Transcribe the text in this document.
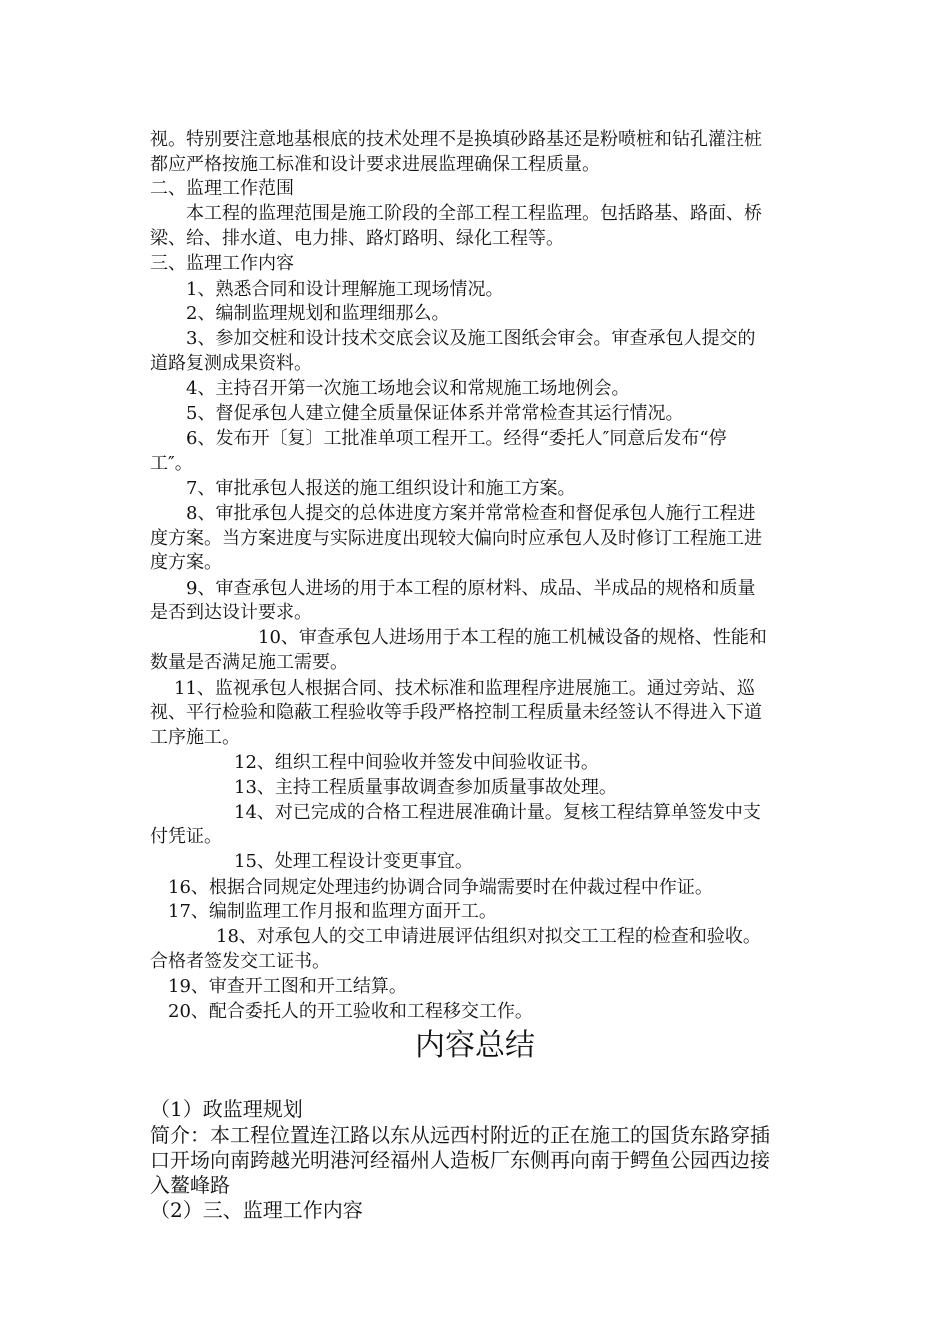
视。特别要注意地基根底的技术处理不是换填砂路基还是粉喷桩和钻孔灌注桩
都应严格按施工标准和设计要求进展监理确保工程质量。
二、监理工作范围
本工程的监理范围是施工阶段的全部工程工程监理。包括路基、路面、桥
梁、给、排水道、电力排、路灯路明、绿化工程等。
三、监理工作内容
1、熟悉合同和设计理解施工现场情况。
2、编制监理规划和监理细那么。
3、参加交桩和设计技术交底会议及施工图纸会审会。审查承包人提交的
道路复测成果资料。
4、主持召开第一次施工场地会议和常规施工场地例会。
5、督促承包人建立健全质量保证体系并常常检查其运行情况。
6、发布开〔复〕工批准单项工程开工。经得“委托人″同意后发布“停
工″。
7、审批承包人报送的施工组织设计和施工方案。
8、审批承包人提交的总体进度方案并常常检查和督促承包人施行工程进
度方案。当方案进度与实际进度出现较大偏向时应承包人及时修订工程施工进
度方案。
9、审查承包人进场的用于本工程的原材料、成品、半成品的规格和质量
是否到达设计要求。
10、审查承包人进场用于本工程的施工机械设备的规格、性能和
数量是否满足施工需要。
11、监视承包人根据合同、技术标准和监理程序进展施工。通过旁站、巡
视、平行检验和隐蔽工程验收等手段严格控制工程质量未经签认不得进入下道
工序施工。
12、组织工程中间验收并签发中间验收证书。
13、主持工程质量事故调查参加质量事故处理。
14、对已完成的合格工程进展准确计量。复核工程结算单签发中支
付凭证。
15、处理工程设计变更事宜。
16、根据合同规定处理违约协调合同争端需要时在仲裁过程中作证。
17、编制监理工作月报和监理方面开工。
18、对承包人的交工申请进展评估组织对拟交工工程的检查和验收。
合格者签发交工证书。
19、审查开工图和开工结算。
20、配合委托人的开工验收和工程移交工作。
内容总结
（1）政监理规划
简介：本工程位置连江路以东从远西村附近的正在施工的国货东路穿插
口开场向南跨越光明港河经福州人造板厂东侧再向南于鳄鱼公园西边接
入鳌峰路
（2）三、监理工作内容
